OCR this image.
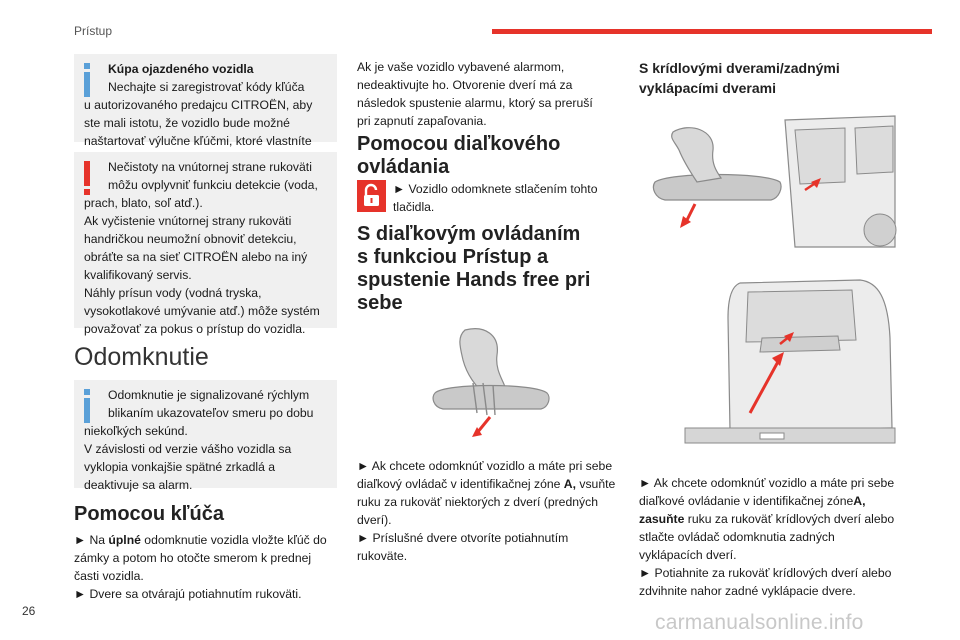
Prístup

Kúpa ojazdeného vozidla

Nechajte si zaregistrovať kódy kľúča

u autorizovaného predajcu CITROËN, aby ste mali istotu, že vozidlo bude možné naštartovať výlučne kľúčmi, ktoré vlastníte

Nečistoty na vnútornej strane rukoväti môžu ovplyvniť funkciu detekcie (voda,

prach, blato, soľ atď.).

Ak vyčistenie vnútornej strany rukoväti handričkou neumožní obnoviť detekciu, obráťte sa na sieť CITROËN alebo na iný kvalifikovaný servis.

Náhly prísun vody (vodná tryska, vysokotlakové umývanie atď.) môže systém považovať za pokus o prístup do vozidla.

Odomknutie

Odomknutie je signalizované rýchlym blikaním ukazovateľov smeru po dobu

niekoľkých sekúnd.

V závislosti od verzie vášho vozidla sa vyklopia vonkajšie spätné zrkadlá a deaktivuje sa alarm.

Pomocou kľúča

► Na úplné odomknutie vozidla vložte kľúč do zámky a potom ho otočte smerom k prednej časti vozidla.

► Dvere sa otvárajú potiahnutím rukoväti.

Ak je vaše vozidlo vybavené alarmom, nedeaktivujte ho. Otvorenie dverí má za následok spustenie alarmu, ktorý sa preruší pri zapnutí zapaľovania.

Pomocou diaľkového ovládania
► Vozidlo odomknete stlačením tohto tlačidla.
S diaľkovým ovládaním s funkciou Prístup a spustenie Hands free pri sebe

► Ak chcete odomknúť vozidlo a máte pri sebe diaľkový ovládač v identifikačnej zóne A, vsuňte ruku za rukoväť niektorých z dverí (predných dverí).

► Príslušné dvere otvoríte potiahnutím rukoväte.

S krídlovými dverami/zadnými vyklápacími dverami

► Ak chcete odomknúť vozidlo a máte pri sebe diaľkové ovládanie v identifikačnej zóneA,
zasuňte ruku za rukoväť krídlových dverí alebo stlačte ovládač odomknutia zadných vyklápacích dverí.

► Potiahnite za rukoväť krídlových dverí alebo zdvihnite nahor zadné vyklápacie dvere.

26	carmanualsonline.info
